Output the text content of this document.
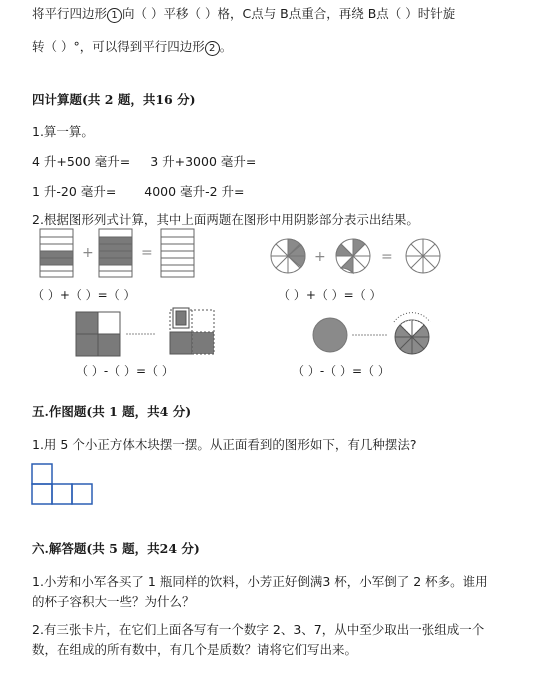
将平行四边形 1 向（ ）平移（ ）格，C点与 B点重合，再绕 B点（ ）时针旋
转（ ）°，可以得到平行四边形 2 。
四计算题(共 2 题，共16 分)
1.算一算。
4 升+500 毫升= 3 升+3000 毫升=
1 升-20 毫升= 4000 毫升-2 升=
2.根据图形列式计算，其中上面两题在图形中用阴影部分表示出结果。
+	=
（ ）+（ ）=（ ）
+	=
（ ）+（ ）=（ ）
（ ）-（ ）=（ ）	（ ）-（ ）=（ ）
五.作图题(共 1 题，共4 分)
1.用 5 个小正方体木块摆一摆。从正面看到的图形如下，有几种摆法?
六.解答题(共 5 题，共24 分)
1.小芳和小军各买了 1 瓶同样的饮料，小芳正好倒满3 杯，小军倒了 2 杯多。谁用
的杯子容积大一些？为什么？
2.有三张卡片，在它们上面各写有一个数字 2、3、7，从中至少取出一张组成一个
数，在组成的所有数中，有几个是质数？请将它们写出来。
